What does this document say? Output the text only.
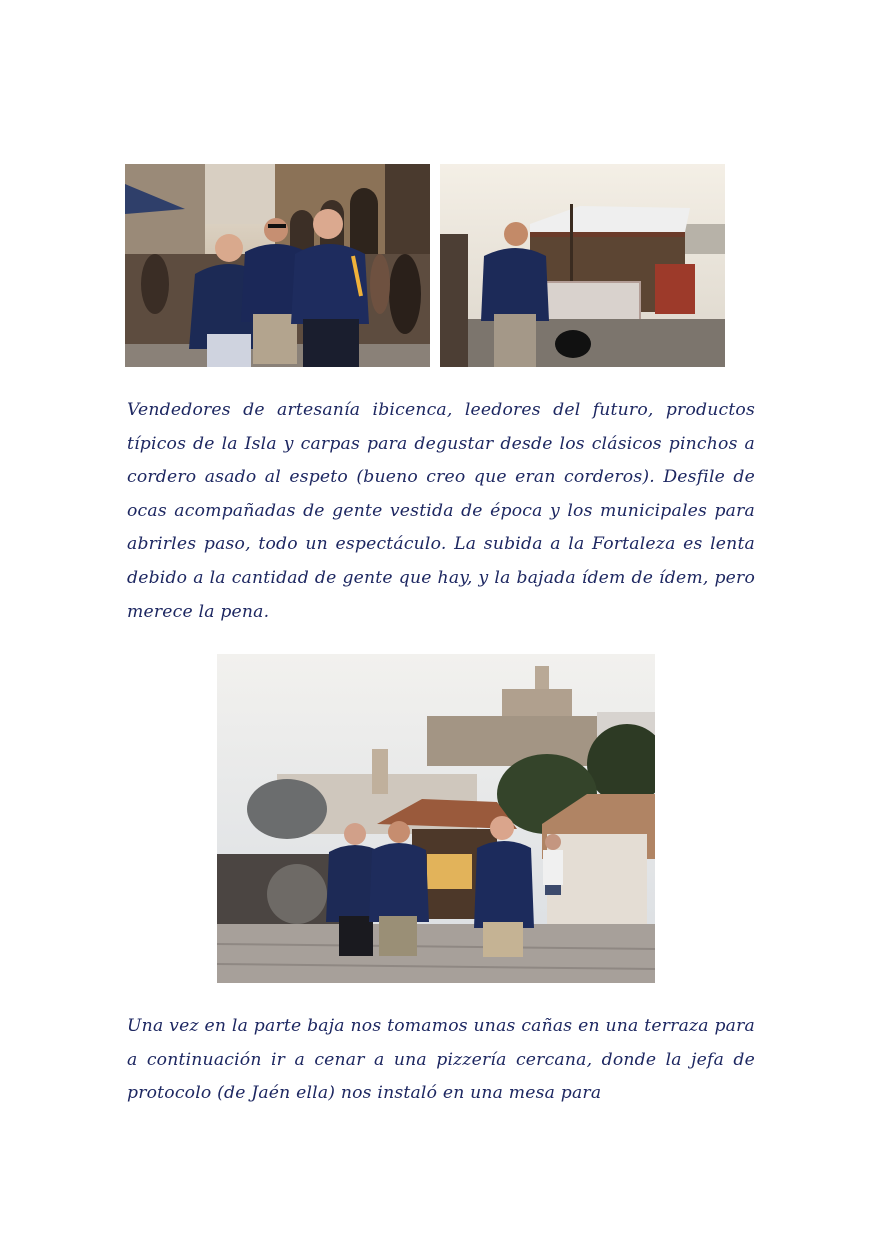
Vendedores de artesanía ibicenca, leedores del futuro, productos típicos de la Isla y carpas para degustar desde los clásicos pinchos a cordero asado al espeto (bueno creo que eran corderos). Desfile de ocas acompañadas de gente vestida de época y los municipales para abrirles paso, todo un espectáculo. La subida a la Fortaleza es lenta debido a la cantidad de gente que hay, y la bajada ídem de ídem, pero merece la pena.

Una vez en la parte baja nos tomamos unas cañas en una terraza para a continuación ir a cenar a una pizzería cercana, donde la jefa de protocolo (de Jaén ella) nos instaló en una mesa para
